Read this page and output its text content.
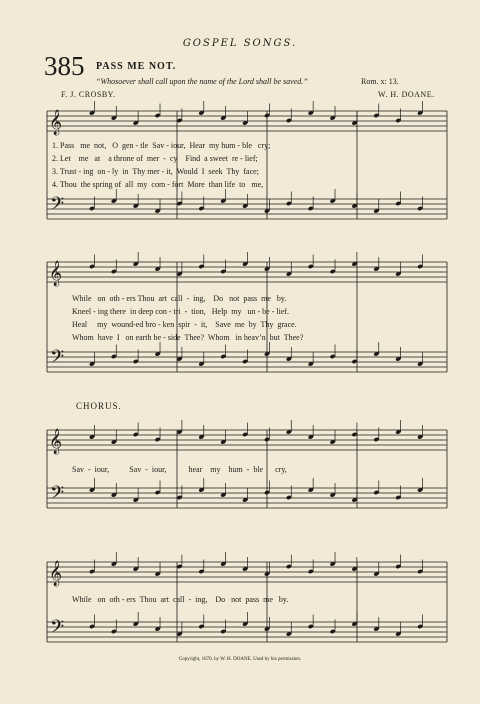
GOSPEL SONGS.
385 PASS ME NOT.
“Whosoever shall call upon the name of the Lord shall be saved.”	Rom. x: 13.
F. J. CROSBY.	W. H. DOANE.
𝄞
𝄢
𝄞
𝄢
𝄞
𝄢
𝄞
𝄢
1. Pass   me  not,   O  gen - tle  Sav - iour,  Hear  my hum - ble   cry;
2. Let    me   at    a throne of  mer  -  cy    Find  a sweet  re - lief;
3. Trust - ing  on - ly  in  Thy mer - it,  Would  I  seek  Thy  face;
4. Thou  the spring of  all  my  com - fort  More  than life  to   me,
While   on  oth - ers Thou  art  call  -  ing,    Do   not  pass  me   by.
Kneel - ing there  in deep con - tri  -  tion,   Help  my   un - be - lief.
Heal     my  wound-ed bro - ken  spir  -  it,    Save  me  by  Thy  grace.
Whom  have  I   on earth be - side  Thee?  Whom   in heav’n  but  Thee?
CHORUS.
Sav  -  iour,          Sav  -  iour,           hear    my    hum  -  ble      cry,
While   on  oth - ers  Thou  art  call  -  ing,    Do   not  pass  me   by.
Copyright, 1870, by W. H. DOANE. Used by his permission.
